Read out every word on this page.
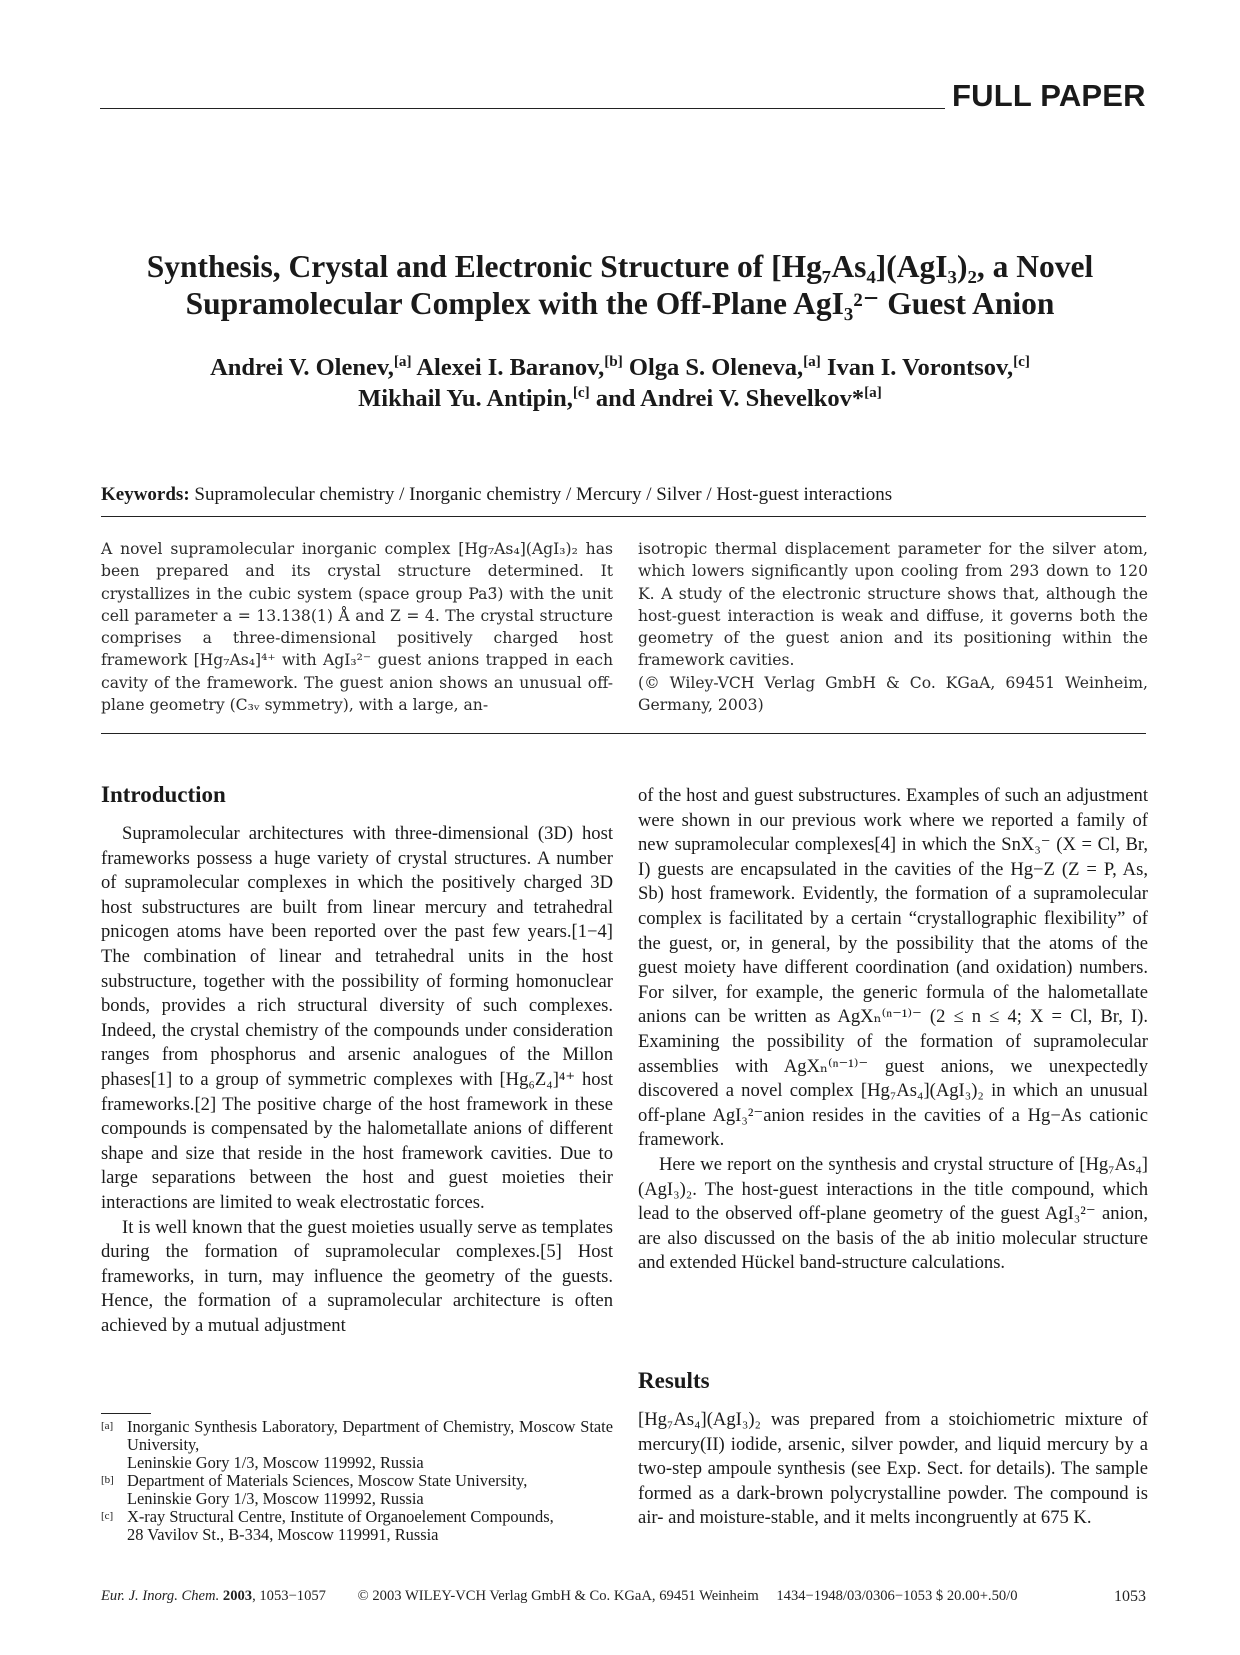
FULL PAPER
Synthesis, Crystal and Electronic Structure of [Hg₇As₄](AgI₃)₂, a Novel
Supramolecular Complex with the Off-Plane AgI₃²⁻ Guest Anion
Andrei V. Olenev,[a] Alexei I. Baranov,[b] Olga S. Oleneva,[a] Ivan I. Vorontsov,[c]
Mikhail Yu. Antipin,[c] and Andrei V. Shevelkov*[a]
Keywords: Supramolecular chemistry / Inorganic chemistry / Mercury / Silver / Host-guest interactions
A novel supramolecular inorganic complex [Hg₇As₄](AgI₃)₂ has been prepared and its crystal structure determined. It crystallizes in the cubic system (space group Pa3̄) with the unit cell parameter a = 13.138(1) Å and Z = 4. The crystal structure comprises a three-dimensional positively charged host framework [Hg₇As₄]⁴⁺ with AgI₃²⁻ guest anions trapped in each cavity of the framework. The guest anion shows an unusual off-plane geometry (C₃ᵥ symmetry), with a large, an-
isotropic thermal displacement parameter for the silver atom, which lowers significantly upon cooling from 293 down to 120 K. A study of the electronic structure shows that, although the host-guest interaction is weak and diffuse, it governs both the geometry of the guest anion and its positioning within the framework cavities.
(© Wiley-VCH Verlag GmbH & Co. KGaA, 69451 Weinheim, Germany, 2003)
Introduction

Supramolecular architectures with three-dimensional (3D) host frameworks possess a huge variety of crystal structures. A number of supramolecular complexes in which the positively charged 3D host substructures are built from linear mercury and tetrahedral pnicogen atoms have been reported over the past few years.[1−4] The combination of linear and tetrahedral units in the host substructure, together with the possibility of forming homonuclear bonds, provides a rich structural diversity of such complexes. Indeed, the crystal chemistry of the compounds under consideration ranges from phosphorus and arsenic analogues of the Millon phases[1] to a group of symmetric complexes with [Hg₆Z₄]⁴⁺ host frameworks.[2] The positive charge of the host framework in these compounds is compensated by the halometallate anions of different shape and size that reside in the host framework cavities. Due to large separations between the host and guest moieties their interactions are limited to weak electrostatic forces.

It is well known that the guest moieties usually serve as templates during the formation of supramolecular complexes.[5] Host frameworks, in turn, may influence the geometry of the guests. Hence, the formation of a supramolecular architecture is often achieved by a mutual adjustment

of the host and guest substructures. Examples of such an adjustment were shown in our previous work where we reported a family of new supramolecular complexes[4] in which the SnX₃⁻ (X = Cl, Br, I) guests are encapsulated in the cavities of the Hg−Z (Z = P, As, Sb) host framework. Evidently, the formation of a supramolecular complex is facilitated by a certain “crystallographic flexibility” of the guest, or, in general, by the possibility that the atoms of the guest moiety have different coordination (and oxidation) numbers. For silver, for example, the generic formula of the halometallate anions can be written as AgXₙ⁽ⁿ⁻¹⁾⁻ (2 ≤ n ≤ 4; X = Cl, Br, I). Examining the possibility of the formation of supramolecular assemblies with AgXₙ⁽ⁿ⁻¹⁾⁻ guest anions, we unexpectedly discovered a novel complex [Hg₇As₄](AgI₃)₂ in which an unusual off-plane AgI₃²⁻anion resides in the cavities of a Hg−As cationic framework.

Here we report on the synthesis and crystal structure of [Hg₇As₄](AgI₃)₂. The host-guest interactions in the title compound, which lead to the observed off-plane geometry of the guest AgI₃²⁻ anion, are also discussed on the basis of the ab initio molecular structure and extended Hückel band-structure calculations.

Results

[Hg₇As₄](AgI₃)₂ was prepared from a stoichiometric mixture of mercury(II) iodide, arsenic, silver powder, and liquid mercury by a two-step ampoule synthesis (see Exp. Sect. for details). The sample formed as a dark-brown polycrystalline powder. The compound is air- and moisture-stable, and it melts incongruently at 675 K.

[a] Inorganic Synthesis Laboratory, Department of Chemistry, Moscow State University,
Leninskie Gory 1/3, Moscow 119992, Russia
[b] Department of Materials Sciences, Moscow State University,
Leninskie Gory 1/3, Moscow 119992, Russia
[c] X-ray Structural Centre, Institute of Organoelement Compounds,
28 Vavilov St., B-334, Moscow 119991, Russia
Eur. J. Inorg. Chem. 2003, 1053−1057 © 2003 WILEY-VCH Verlag GmbH & Co. KGaA, 69451 Weinheim 1434−1948/03/0306−1053 $ 20.00+.50/0	1053
